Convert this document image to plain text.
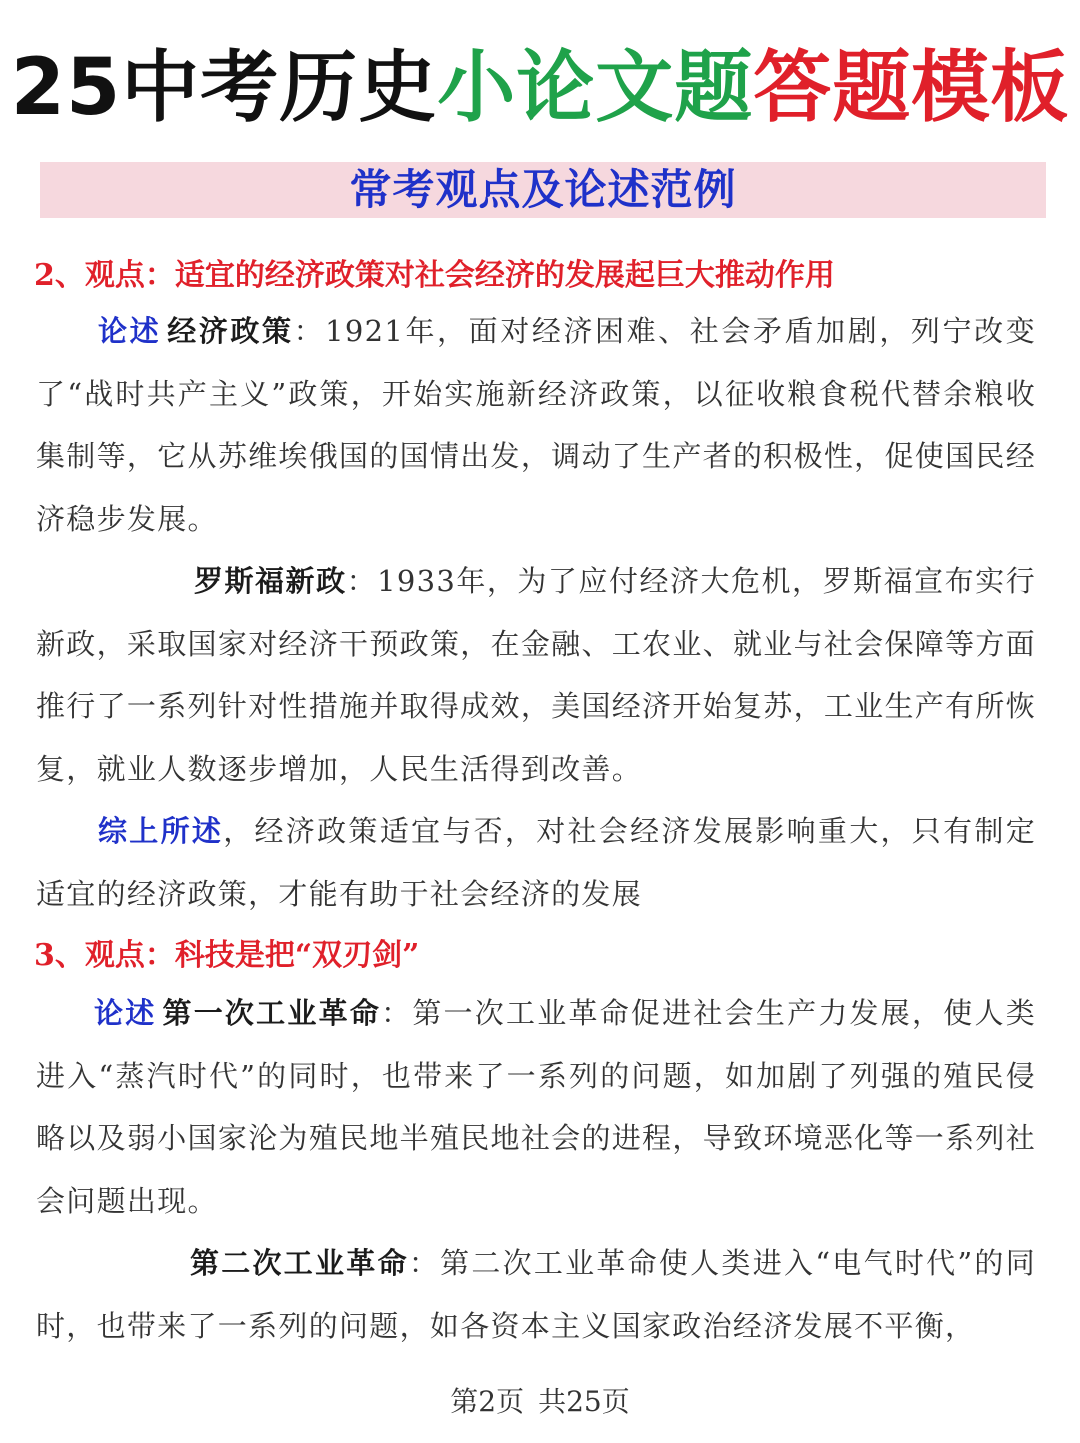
25中考历史小论文题答题模板
常考观点及论述范例
2、观点：适宜的经济政策对社会经济的发展起巨大推动作用
论述 经济政策：1921年，面对经济困难、社会矛盾加剧，列宁改变了“战时共产主义”政策，开始实施新经济政策，以征收粮食税代替余粮收集制等，它从苏维埃俄国的国情出发，调动了生产者的积极性，促使国民经济稳步发展。
罗斯福新政：1933年，为了应付经济大危机，罗斯福宣布实行新政，采取国家对经济干预政策，在金融、工农业、就业与社会保障等方面推行了一系列针对性措施并取得成效，美国经济开始复苏，工业生产有所恢复，就业人数逐步增加，人民生活得到改善。
综上所述，经济政策适宜与否，对社会经济发展影响重大，只有制定适宜的经济政策，才能有助于社会经济的发展
3、观点：科技是把“双刃剑”
论述 第一次工业革命：第一次工业革命促进社会生产力发展，使人类进入“蒸汽时代”的同时，也带来了一系列的问题，如加剧了列强的殖民侵略以及弱小国家沦为殖民地半殖民地社会的进程，导致环境恶化等一系列社会问题出现。
第二次工业革命：第二次工业革命使人类进入“电气时代”的同时，也带来了一系列的问题，如各资本主义国家政治经济发展不平衡，
第2页 共25页
